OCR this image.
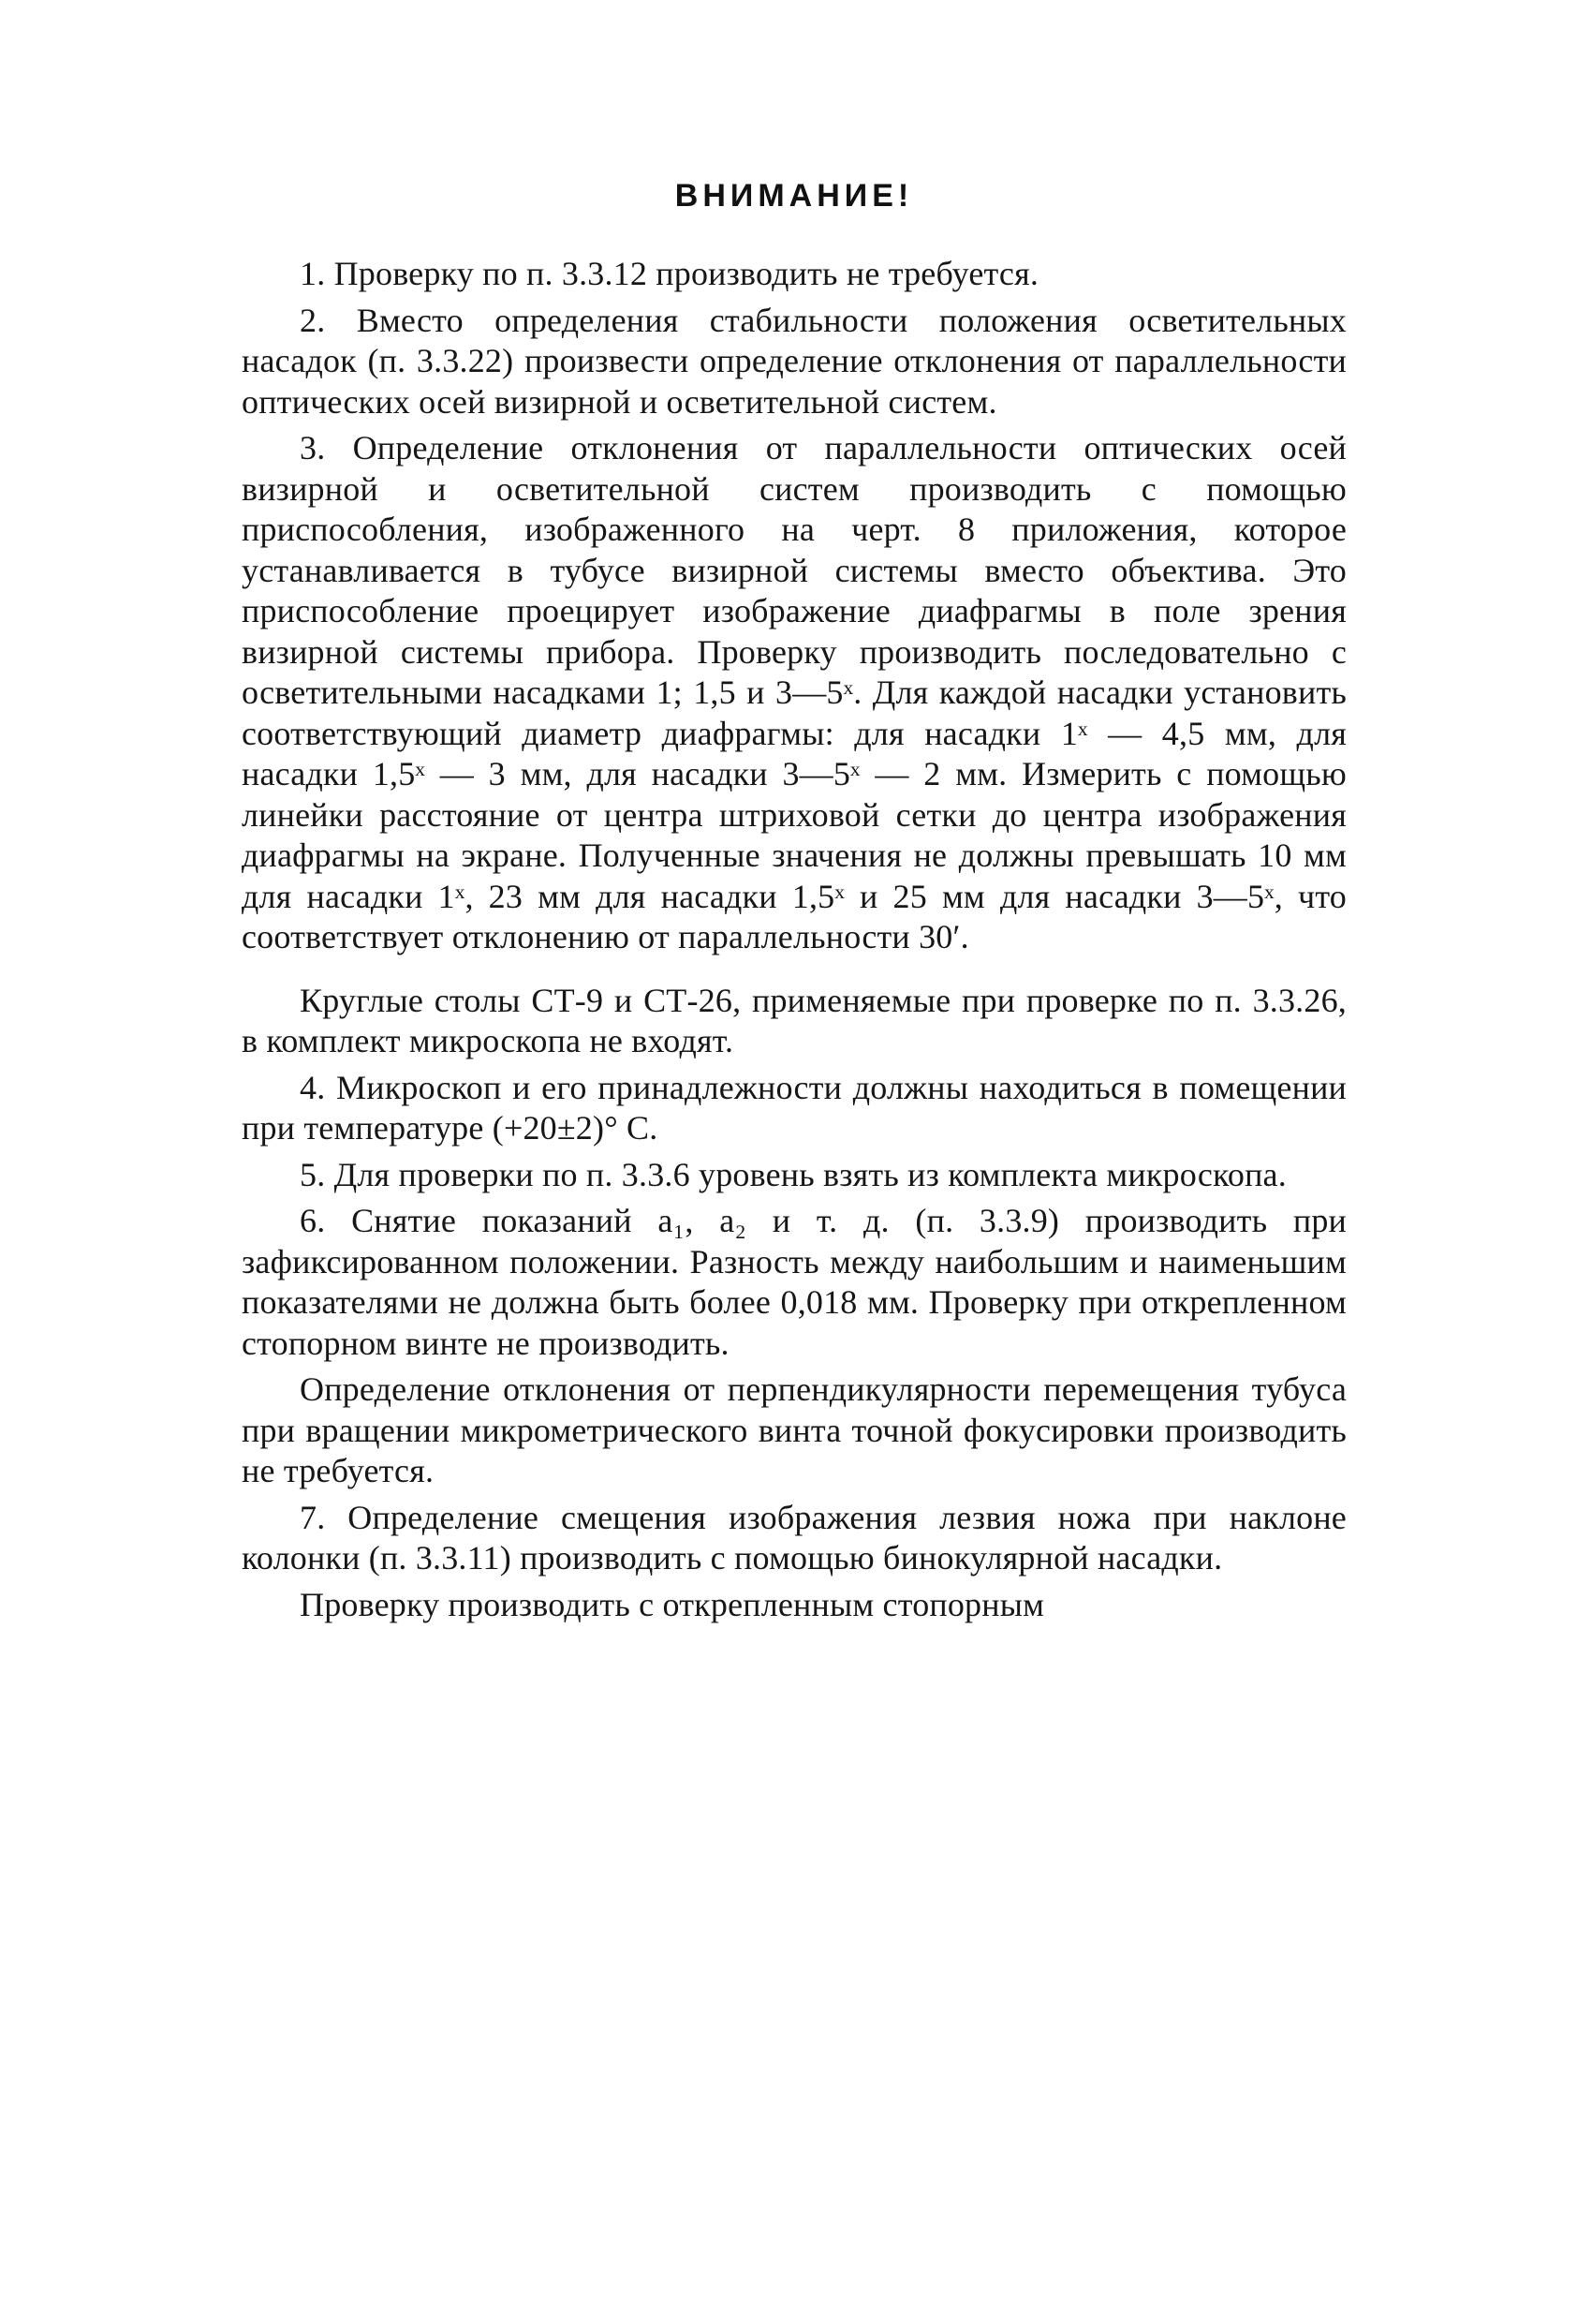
ВНИМАНИЕ!

1. Проверку по п. 3.3.12 производить не требуется.

2. Вместо определения стабильности положения осветительных насадок (п. 3.3.22) произвести определение отклонения от параллельности оптических осей визирной и осветительной систем.

3. Определение отклонения от параллельности оптических осей визирной и осветительной систем производить с помощью приспособления, изображенного на черт. 8 приложения, которое устанавливается в тубусе визирной системы вместо объектива. Это приспособление проецирует изображение диафрагмы в поле зрения визирной системы прибора. Проверку производить последовательно с осветительными насадками 1; 1,5 и 3—5ˣ. Для каждой насадки установить соответствующий диаметр диафрагмы: для насадки 1ˣ — 4,5 мм, для насадки 1,5ˣ — 3 мм, для насадки 3—5ˣ — 2 мм. Измерить с помощью линейки расстояние от центра штриховой сетки до центра изображения диафрагмы на экране. Полученные значения не должны превышать 10 мм для насадки 1ˣ, 23 мм для насадки 1,5ˣ и 25 мм для насадки 3—5ˣ, что соответствует отклонению от параллельности 30′.

Круглые столы СТ-9 и СТ-26, применяемые при проверке по п. 3.3.26, в комплект микроскопа не входят.

4. Микроскоп и его принадлежности должны находиться в помещении при температуре (+20±2)° С.

5. Для проверки по п. 3.3.6 уровень взять из комплекта микроскопа.

6. Снятие показаний a₁, a₂ и т. д. (п. 3.3.9) производить при зафиксированном положении. Разность между наибольшим и наименьшим показателями не должна быть более 0,018 мм. Проверку при открепленном стопорном винте не производить.

Определение отклонения от перпендикулярности перемещения тубуса при вращении микрометрического винта точной фокусировки производить не требуется.

7. Определение смещения изображения лезвия ножа при наклоне колонки (п. 3.3.11) производить с помощью бинокулярной насадки.

Проверку производить с открепленным стопорным
